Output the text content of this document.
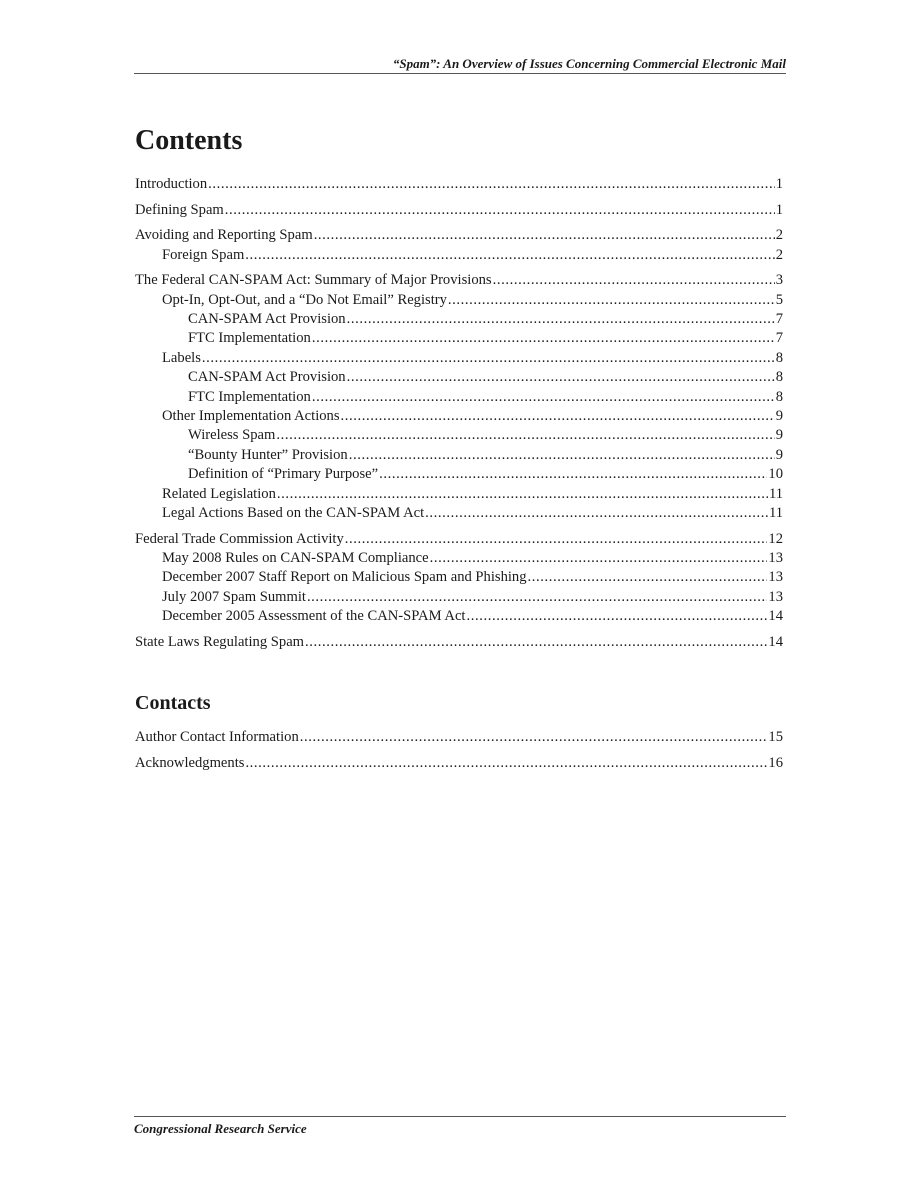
“Spam”: An Overview of Issues Concerning Commercial Electronic Mail
Contents
Introduction .....	1
Defining Spam .....	1
Avoiding and Reporting Spam .....	2
Foreign Spam .....	2
The Federal CAN-SPAM Act: Summary of Major Provisions .....	3
Opt-In, Opt-Out, and a “Do Not Email” Registry .....	5
CAN-SPAM Act Provision .....	7
FTC Implementation .....	7
Labels .....	8
CAN-SPAM Act Provision .....	8
FTC Implementation .....	8
Other Implementation Actions .....	9
Wireless Spam .....	9
“Bounty Hunter” Provision .....	9
Definition of “Primary Purpose” .....	10
Related Legislation .....	11
Legal Actions Based on the CAN-SPAM Act .....	11
Federal Trade Commission Activity .....	12
May 2008 Rules on CAN-SPAM Compliance .....	13
December 2007 Staff Report on Malicious Spam and Phishing .....	13
July 2007 Spam Summit .....	13
December 2005 Assessment of the CAN-SPAM Act .....	14
State Laws Regulating Spam .....	14
Contacts
Author Contact Information .....	15
Acknowledgments .....	16
Congressional Research Service
